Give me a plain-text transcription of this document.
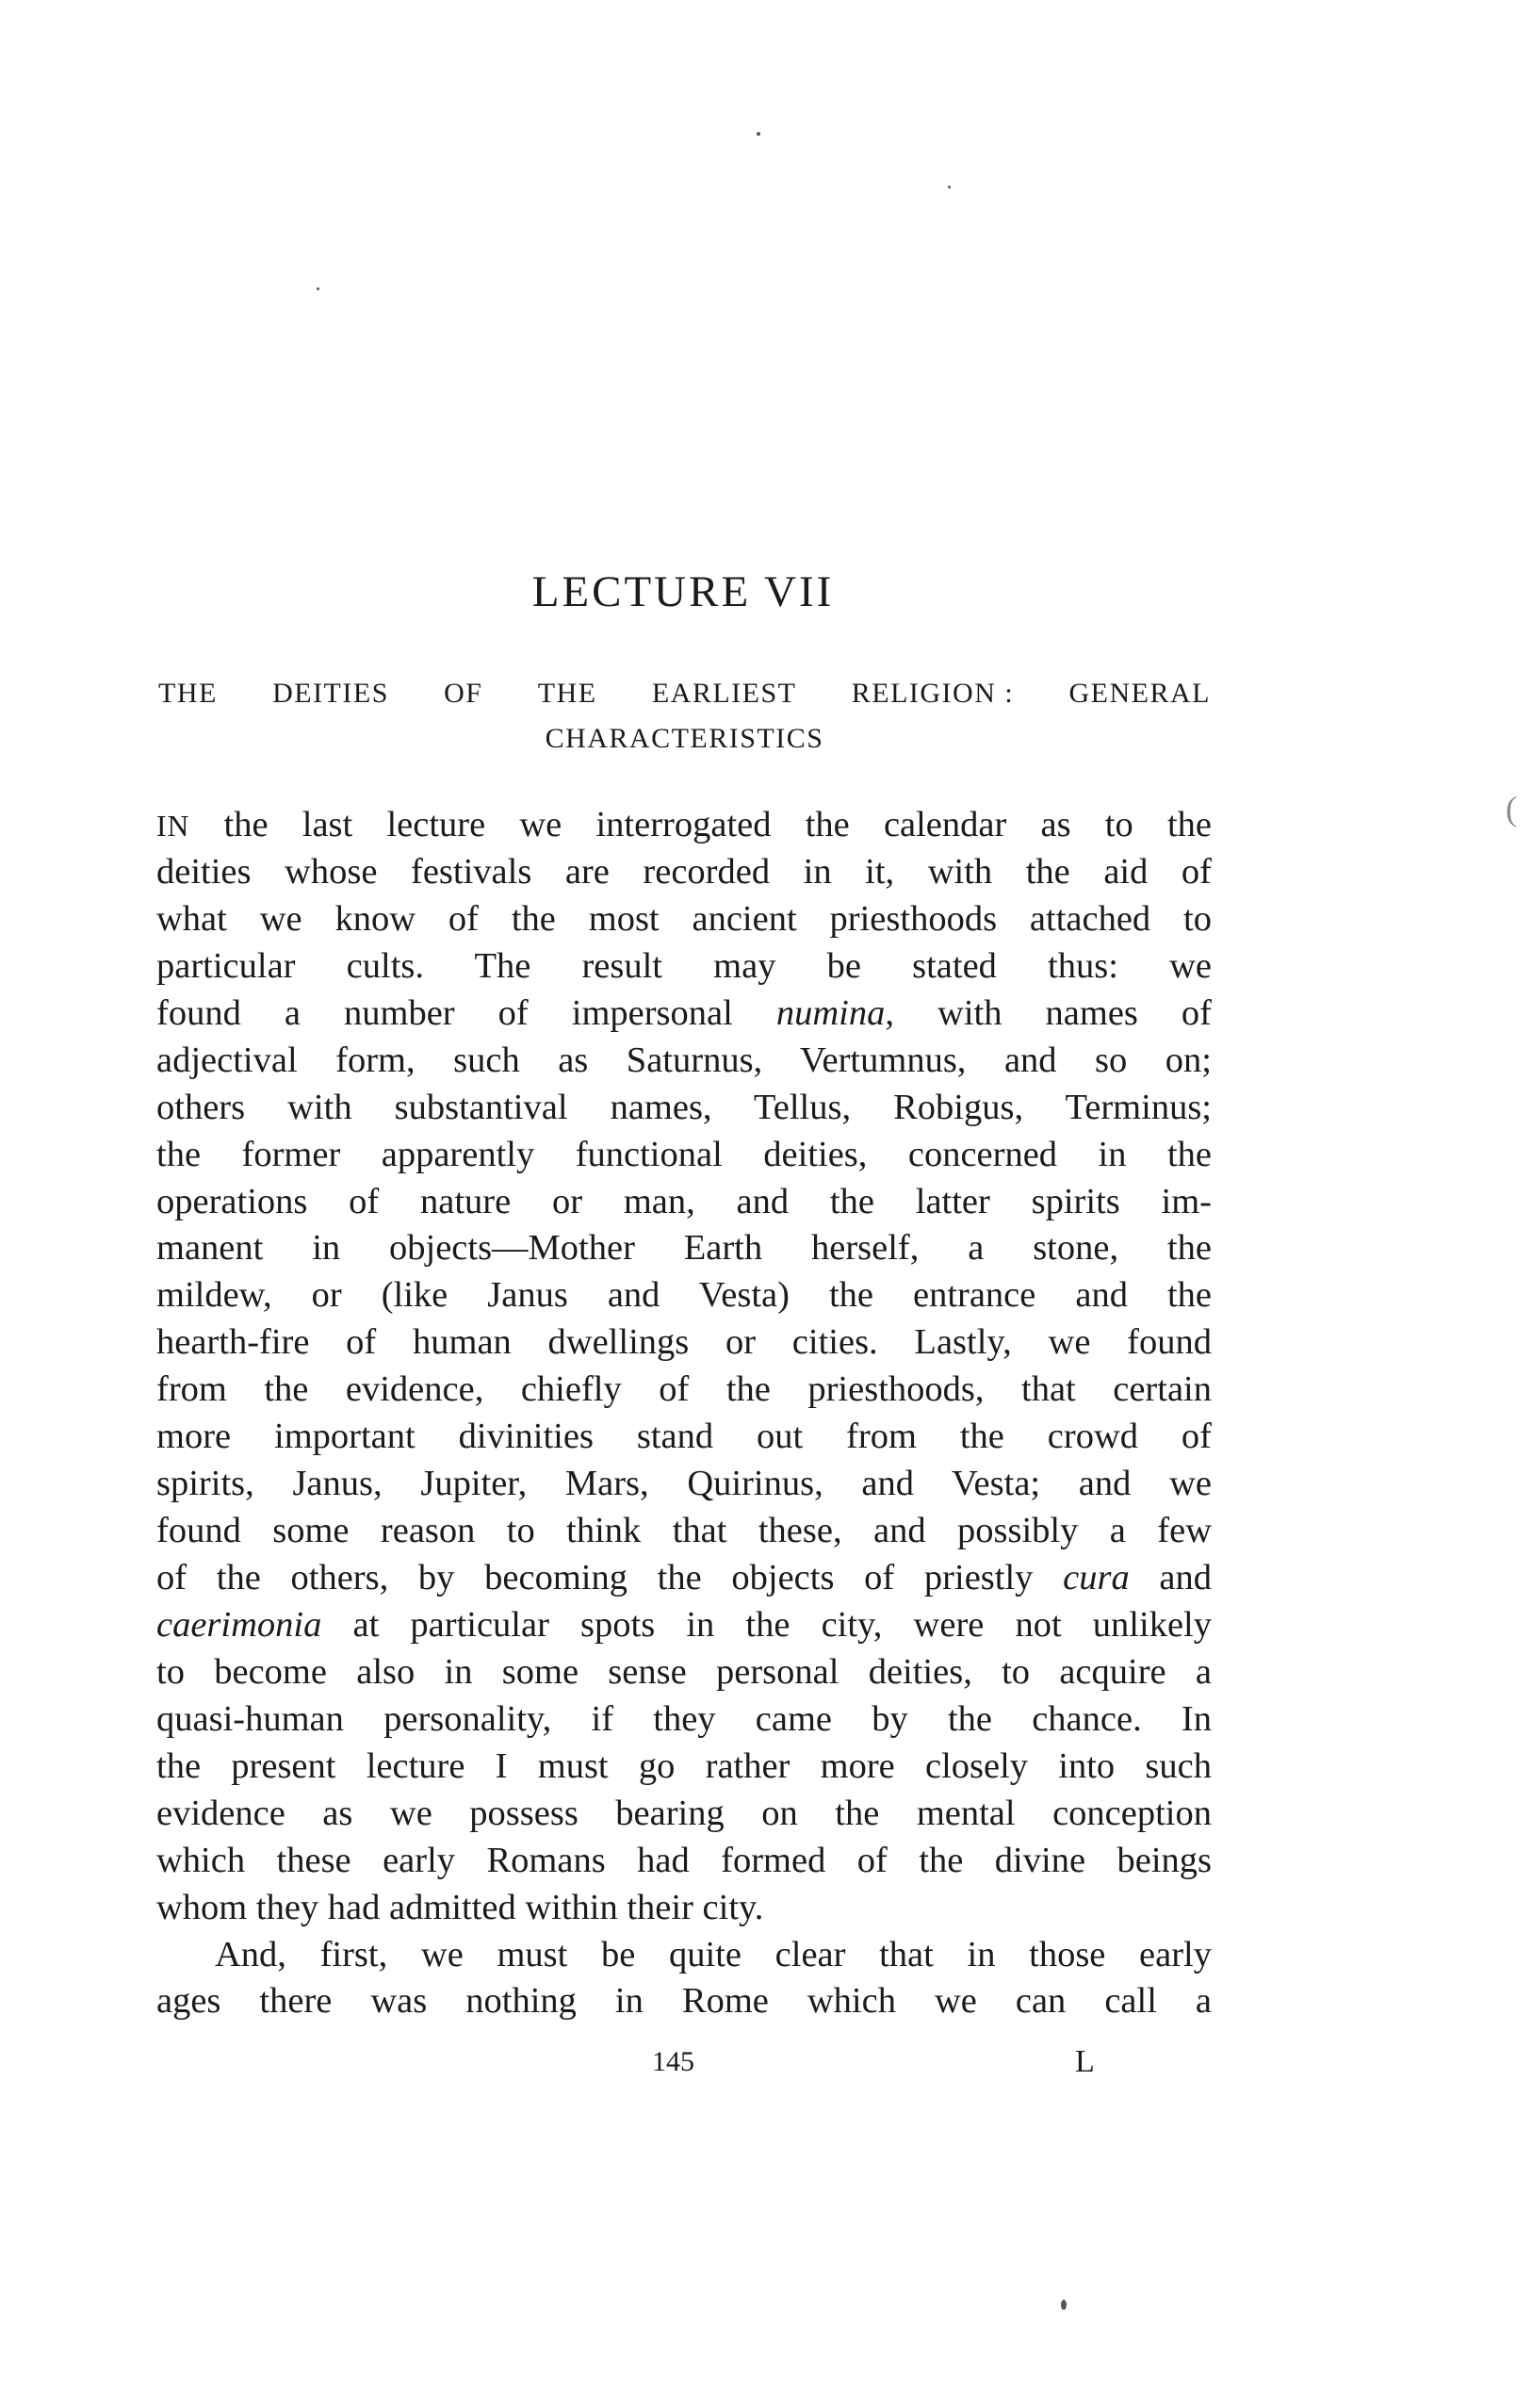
LECTURE VII
THE DEITIES OF THE EARLIEST RELIGION : GENERAL
CHARACTERISTICS
IN the last lecture we interrogated the calendar as to the
deities whose festivals are recorded in it, with the aid of
what we know of the most ancient priesthoods attached to
particular cults. The result may be stated thus: we
found a number of impersonal numina, with names of
adjectival form, such as Saturnus, Vertumnus, and so on;
others with substantival names, Tellus, Robigus, Terminus;
the former apparently functional deities, concerned in the
operations of nature or man, and the latter spirits im-
manent in objects—Mother Earth herself, a stone, the
mildew, or (like Janus and Vesta) the entrance and the
hearth-fire of human dwellings or cities. Lastly, we found
from the evidence, chiefly of the priesthoods, that certain
more important divinities stand out from the crowd of
spirits, Janus, Jupiter, Mars, Quirinus, and Vesta; and we
found some reason to think that these, and possibly a few
of the others, by becoming the objects of priestly cura and
caerimonia at particular spots in the city, were not unlikely
to become also in some sense personal deities, to acquire a
quasi-human personality, if they came by the chance. In
the present lecture I must go rather more closely into such
evidence as we possess bearing on the mental conception
which these early Romans had formed of the divine beings
whom they had admitted within their city.
And, first, we must be quite clear that in those early
ages there was nothing in Rome which we can call a
145	L
(
